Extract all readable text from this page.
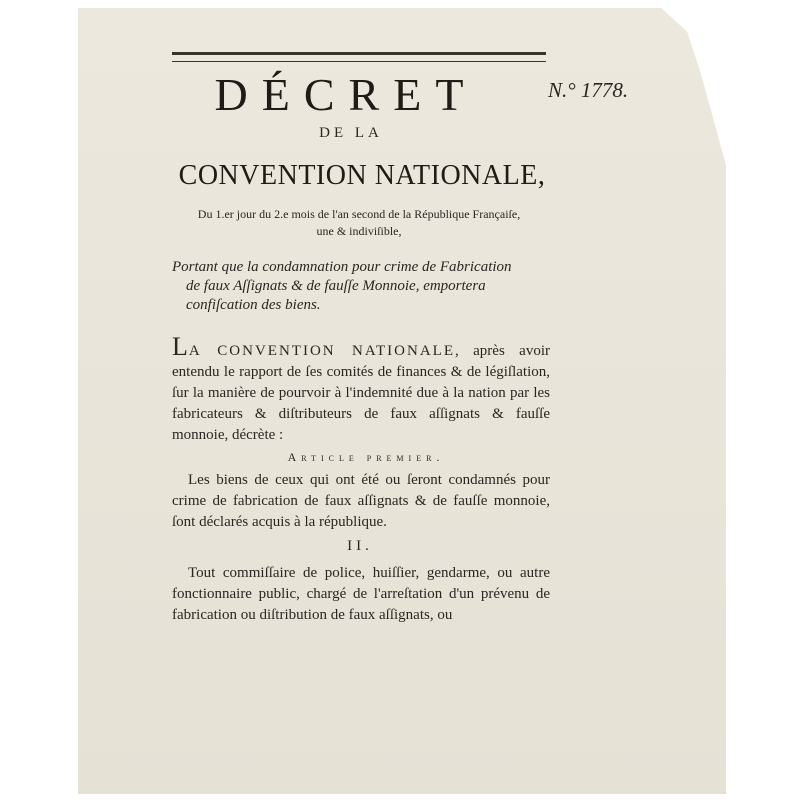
DÉCRET	N.° 1778.
DE LA
CONVENTION NATIONALE,
Du 1.er jour du 2.e mois de l'an second de la République Françaiſe,
une & indiviſible,
Portant que la condamnation pour crime de Fabrication
de faux Aſſignats & de fauſſe Monnoie, emportera
confiſcation des biens.
LA CONVENTION NATIONALE, après avoir entendu le rapport de ſes comités de finances & de légiſlation, ſur la manière de pourvoir à l'indemnité due à la nation par les fabricateurs & diſtributeurs de faux aſſignats & fauſſe monnoie, décrète :
Article premier.
Les biens de ceux qui ont été ou ſeront condamnés pour crime de fabrication de faux aſſignats & de fauſſe monnoie, ſont déclarés acquis à la république.
II.
Tout commiſſaire de police, huiſſier, gendarme, ou autre fonctionnaire public, chargé de l'arreſtation d'un prévenu de fabrication ou diſtribution de faux aſſignats, ou
